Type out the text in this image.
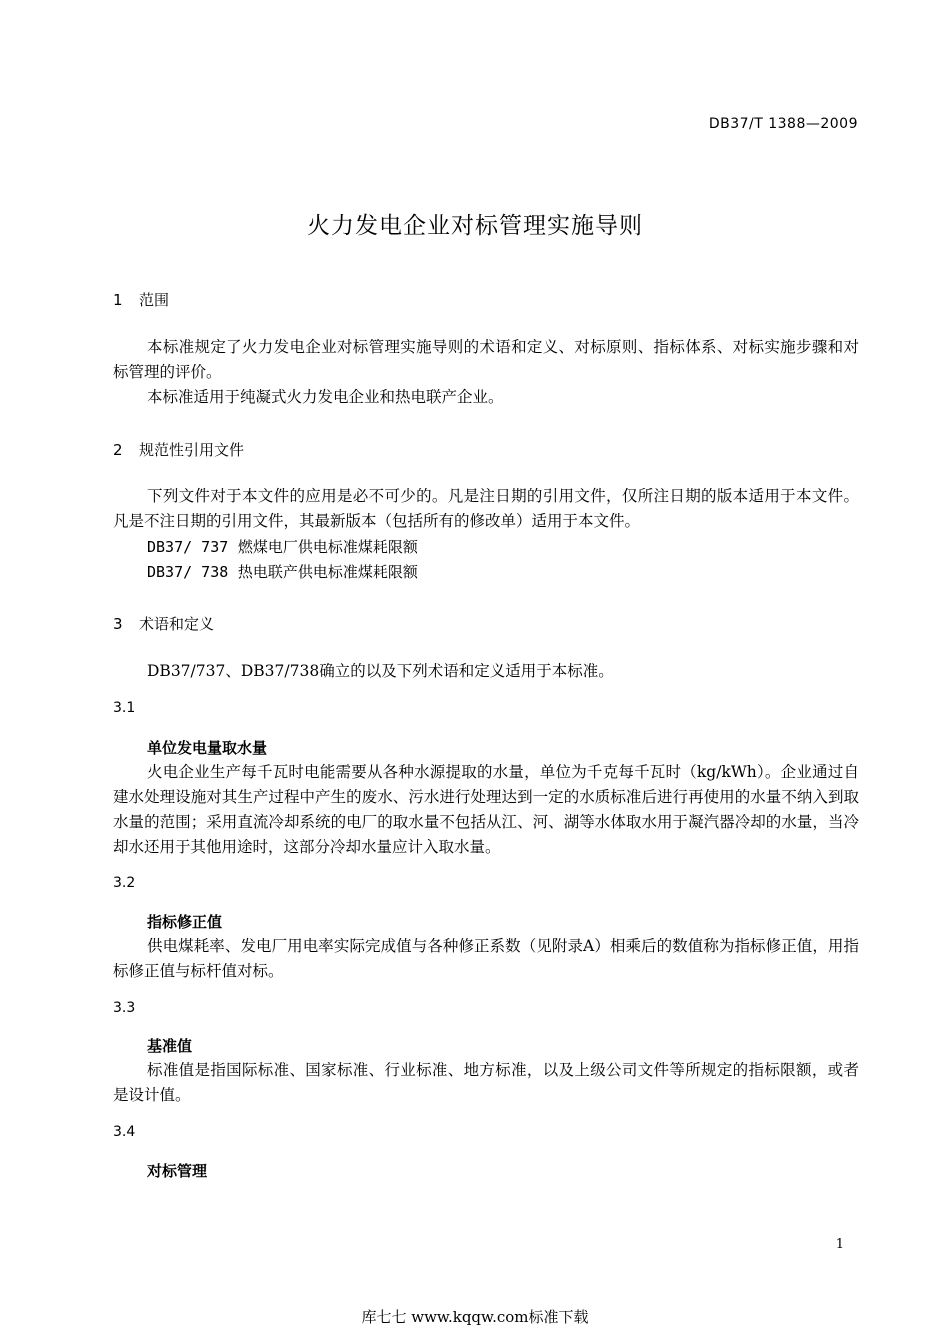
DB37/T 1388—2009
火力发电企业对标管理实施导则
1 范围
本标准规定了火力发电企业对标管理实施导则的术语和定义、对标原则、指标体系、对标实施步骤和对标管理的评价。
本标准适用于纯凝式火力发电企业和热电联产企业。
2 规范性引用文件
下列文件对于本文件的应用是必不可少的。凡是注日期的引用文件，仅所注日期的版本适用于本文件。凡是不注日期的引用文件，其最新版本（包括所有的修改单）适用于本文件。
DB37/ 737 燃煤电厂供电标准煤耗限额
DB37/ 738 热电联产供电标准煤耗限额
3 术语和定义
DB37/737、DB37/738确立的以及下列术语和定义适用于本标准。
3.1
单位发电量取水量
火电企业生产每千瓦时电能需要从各种水源提取的水量，单位为千克每千瓦时（kg/kWh）。企业通过自建水处理设施对其生产过程中产生的废水、污水进行处理达到一定的水质标准后进行再使用的水量不纳入到取水量的范围；采用直流冷却系统的电厂的取水量不包括从江、河、湖等水体取水用于凝汽器冷却的水量，当冷却水还用于其他用途时，这部分冷却水量应计入取水量。
3.2
指标修正值
供电煤耗率、发电厂用电率实际完成值与各种修正系数（见附录A）相乘后的数值称为指标修正值，用指标修正值与标杆值对标。
3.3
基准值
标准值是指国际标准、国家标准、行业标准、地方标准，以及上级公司文件等所规定的指标限额，或者是设计值。
3.4
对标管理
1
库七七 www.kqqw.com标准下载
